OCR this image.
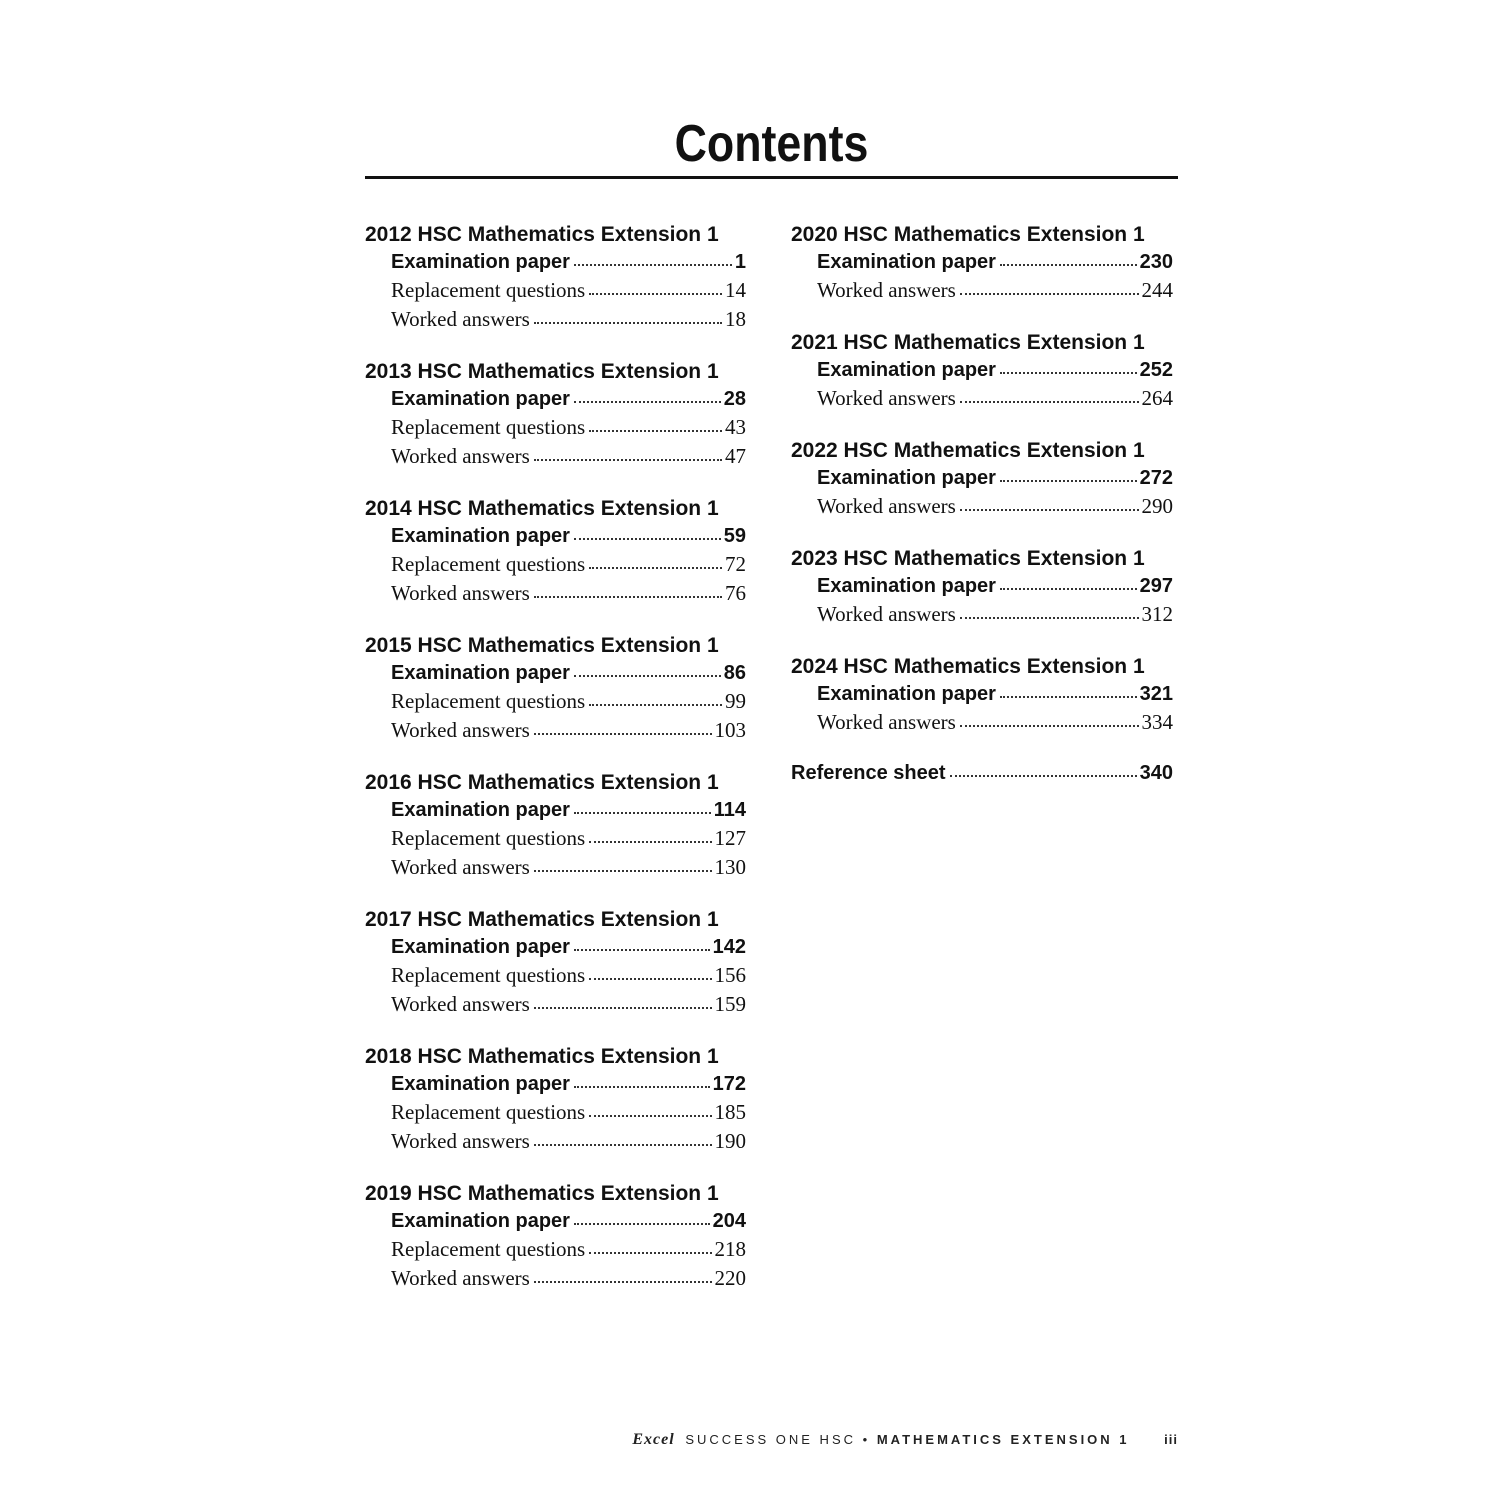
Contents
2012 HSC Mathematics Extension 1
Examination paper	1
Replacement questions	14
Worked answers	18
2013 HSC Mathematics Extension 1
Examination paper	28
Replacement questions	43
Worked answers	47
2014 HSC Mathematics Extension 1
Examination paper	59
Replacement questions	72
Worked answers	76
2015 HSC Mathematics Extension 1
Examination paper	86
Replacement questions	99
Worked answers	103
2016 HSC Mathematics Extension 1
Examination paper	114
Replacement questions	127
Worked answers	130
2017 HSC Mathematics Extension 1
Examination paper	142
Replacement questions	156
Worked answers	159
2018 HSC Mathematics Extension 1
Examination paper	172
Replacement questions	185
Worked answers	190
2019 HSC Mathematics Extension 1
Examination paper	204
Replacement questions	218
Worked answers	220
2020 HSC Mathematics Extension 1
Examination paper	230
Worked answers	244
2021 HSC Mathematics Extension 1
Examination paper	252
Worked answers	264
2022 HSC Mathematics Extension 1
Examination paper	272
Worked answers	290
2023 HSC Mathematics Extension 1
Examination paper	297
Worked answers	312
2024 HSC Mathematics Extension 1
Examination paper	321
Worked answers	334
Reference sheet	340
Excel SUCCESS ONE HSC • MATHEMATICS EXTENSION 1	iii
